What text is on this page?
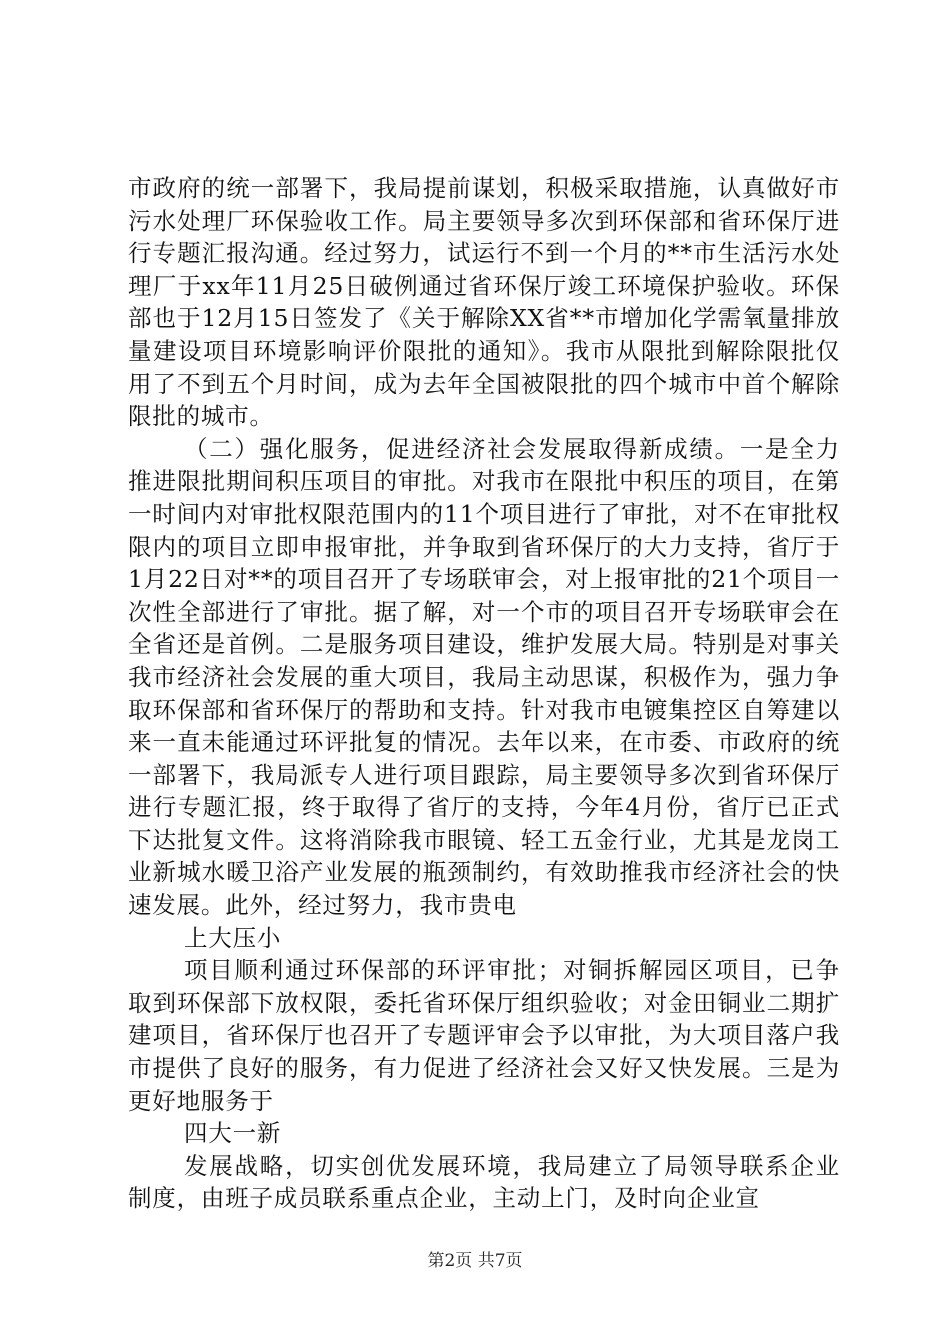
市政府的统一部署下，我局提前谋划，积极采取措施，认真做好市污水处理厂环保验收工作。局主要领导多次到环保部和省环保厅进行专题汇报沟通。经过努力，试运行不到一个月的**市生活污水处理厂于xx年11月25日破例通过省环保厅竣工环境保护验收。环保部也于12月15日签发了《关于解除XX省**市增加化学需氧量排放量建设项目环境影响评价限批的通知》。我市从限批到解除限批仅用了不到五个月时间，成为去年全国被限批的四个城市中首个解除限批的城市。

（二）强化服务，促进经济社会发展取得新成绩。一是全力推进限批期间积压项目的审批。对我市在限批中积压的项目，在第一时间内对审批权限范围内的11个项目进行了审批，对不在审批权限内的项目立即申报审批，并争取到省环保厅的大力支持，省厅于1月22日对**的项目召开了专场联审会，对上报审批的21个项目一次性全部进行了审批。据了解，对一个市的项目召开专场联审会在全省还是首例。二是服务项目建设，维护发展大局。特别是对事关我市经济社会发展的重大项目，我局主动思谋，积极作为，强力争取环保部和省环保厅的帮助和支持。针对我市电镀集控区自筹建以来一直未能通过环评批复的情况。去年以来，在市委、市政府的统一部署下，我局派专人进行项目跟踪，局主要领导多次到省环保厅进行专题汇报，终于取得了省厅的支持，今年4月份，省厅已正式下达批复文件。这将消除我市眼镜、轻工五金行业，尤其是龙岗工业新城水暖卫浴产业发展的瓶颈制约，有效助推我市经济社会的快速发展。此外，经过努力，我市贵电

上大压小

项目顺利通过环保部的环评审批；对铜拆解园区项目，已争取到环保部下放权限，委托省环保厅组织验收；对金田铜业二期扩建项目，省环保厅也召开了专题评审会予以审批，为大项目落户我市提供了良好的服务，有力促进了经济社会又好又快发展。三是为更好地服务于

四大一新

发展战略，切实创优发展环境，我局建立了局领导联系企业制度，由班子成员联系重点企业，主动上门，及时向企业宣

第2页 共7页
